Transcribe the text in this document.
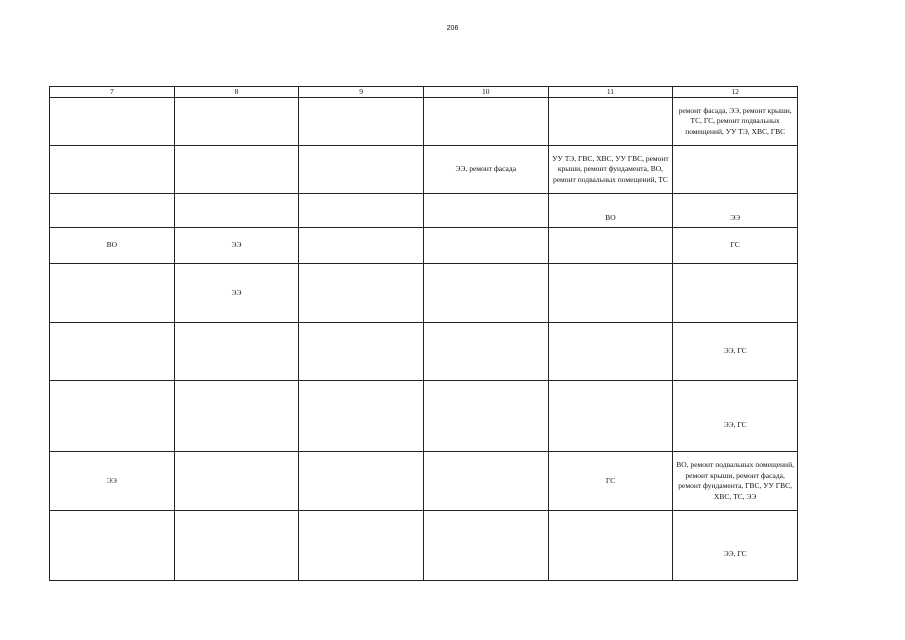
206
7	8	9	10	11	12
					ремонт фасада, ЭЭ, ремонт крыши, ТС, ГС, ремонт подвальных помещений, УУ ТЭ, ХВС, ГВС
			ЭЭ, ремонт фасада	УУ ТЭ, ГВС, ХВС, УУ ГВС, ремонт крыши, ремонт фундамента, ВО, ремонт подвальных помещений, ТС	
				ВО	ЭЭ
ВО	ЭЭ				ГС
	ЭЭ				
					ЭЭ, ГС
					ЭЭ, ГС
ЭЭ				ГС	ВО, ремонт подвальных помещений, ремонт крыши, ремонт фасада, ремонт фундамента, ГВС, УУ ГВС, ХВС, ТС, ЭЭ
					ЭЭ, ГС
